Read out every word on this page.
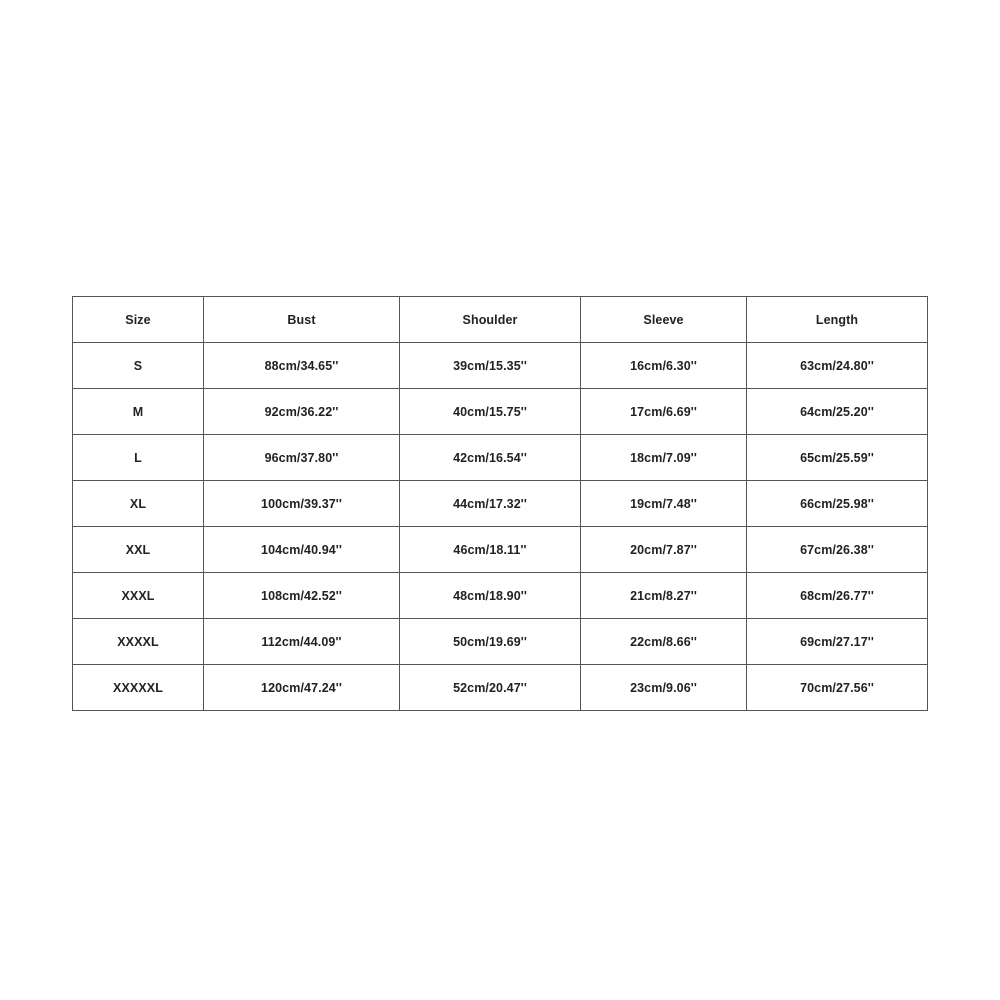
Size	Bust	Shoulder	Sleeve	Length
S	88cm/34.65''	39cm/15.35''	16cm/6.30''	63cm/24.80''
M	92cm/36.22''	40cm/15.75''	17cm/6.69''	64cm/25.20''
L	96cm/37.80''	42cm/16.54''	18cm/7.09''	65cm/25.59''
XL	100cm/39.37''	44cm/17.32''	19cm/7.48''	66cm/25.98''
XXL	104cm/40.94''	46cm/18.11''	20cm/7.87''	67cm/26.38''
XXXL	108cm/42.52''	48cm/18.90''	21cm/8.27''	68cm/26.77''
XXXXL	112cm/44.09''	50cm/19.69''	22cm/8.66''	69cm/27.17''
XXXXXL	120cm/47.24''	52cm/20.47''	23cm/9.06''	70cm/27.56''
